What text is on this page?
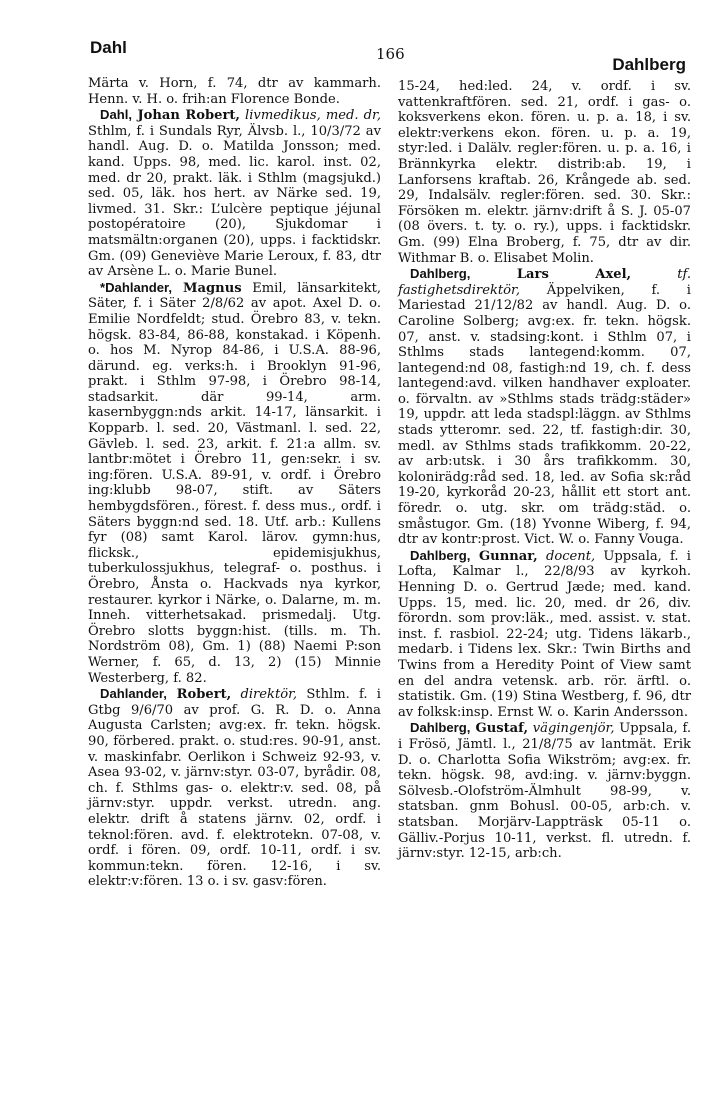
Dahl	166
Dahlberg

Märta v. Horn, f. 74, dtr av kammarh. Henn. v. H. o. frih:an Florence Bonde.

Dahl, Johan Robert, livmedikus, med. dr, Sthlm, f. i Sundals Ryr, Älvsb. l., 10/3/72 av handl. Aug. D. o. Matilda Jonsson; med. kand. Upps. 98, med. lic. karol. inst. 02, med. dr 20, prakt. läk. i Sthlm (magsjukd.) sed. 05, läk. hos hert. av Närke sed. 19, livmed. 31. Skr.: L’ulcère peptique jéjunal postopératoire (20), Sjukdomar i matsmältn:organen (20), upps. i facktidskr. Gm. (09) Geneviève Marie Leroux, f. 83, dtr av Arsène L. o. Marie Bunel.

*Dahlander, Magnus Emil, länsarkitekt, Säter, f. i Säter 2/8/62 av apot. Axel D. o. Emilie Nordfeldt; stud. Örebro 83, v. tekn. högsk. 83-84, 86-88, konstakad. i Köpenh. o. hos M. Nyrop 84-86, i U.S.A. 88-96, därund. eg. verks:h. i Brooklyn 91-96, prakt. i Sthlm 97-98, i Örebro 98-14, stadsarkit. där 99-14, arm. kasernbyggn:nds arkit. 14-17, länsarkit. i Kopparb. l. sed. 20, Västmanl. l. sed. 22, Gävleb. l. sed. 23, arkit. f. 21:a allm. sv. lantbr:mötet i Örebro 11, gen:sekr. i sv. ing:fören. U.S.A. 89-91, v. ordf. i Örebro ing:klubb 98-07, stift. av Säters hembygdsfören., förest. f. dess mus., ordf. i Säters byggn:nd sed. 18. Utf. arb.: Kullens fyr (08) samt Karol. lärov. gymn:hus, flicksk., epidemisjukhus, tuberkulossjukhus, telegraf- o. posthus. i Örebro, Ånsta o. Hackvads nya kyrkor, restaurer. kyrkor i Närke, o. Dalarne, m. m. Inneh. vitterhetsakad. prismedalj. Utg. Örebro slotts byggn:hist. (tills. m. Th. Nordström 08), Gm. 1) (88) Naemi P:son Werner, f. 65, d. 13, 2) (15) Minnie Westerberg, f. 82.

Dahlander, Robert, direktör, Sthlm. f. i Gtbg 9/6/70 av prof. G. R. D. o. Anna Augusta Carlsten; avg:ex. fr. tekn. högsk. 90, förbered. prakt. o. stud:res. 90-91, anst. v. maskinfabr. Oerlikon i Schweiz 92-93, v. Asea 93-02, v. järnv:styr. 03-07, byrådir. 08, ch. f. Sthlms gas- o. elektr:v. sed. 08, på järnv:styr. uppdr. verkst. utredn. ang. elektr. drift å statens järnv. 02, ordf. i teknol:fören. avd. f. elektrotekn. 07-08, v. ordf. i fören. 09, ordf. 10-11, ordf. i sv. kommun:tekn. fören. 12-16, i sv. elektr:v:fören. 13 o. i sv. gasv:fören.

15-24, hed:led. 24, v. ordf. i sv. vattenkraftfören. sed. 21, ordf. i gas- o. koksverkens ekon. fören. u. p. a. 18, i sv. elektr:verkens ekon. fören. u. p. a. 19, styr:led. i Dalälv. regler:fören. u. p. a. 16, i Brännkyrka elektr. distrib:ab. 19, i Lanforsens kraftab. 26, Krångede ab. sed. 29, Indalsälv. regler:fören. sed. 30. Skr.: Försöken m. elektr. järnv:drift å S. J. 05-07 (08 övers. t. ty. o. ry.), upps. i facktidskr. Gm. (99) Elna Broberg, f. 75, dtr av dir. Withmar B. o. Elisabet Molin.

Dahlberg, Lars Axel, tf. fastighetsdirektör, Äppelviken, f. i Mariestad 21/12/82 av handl. Aug. D. o. Caroline Solberg; avg:ex. fr. tekn. högsk. 07, anst. v. stadsing:kont. i Sthlm 07, i Sthlms stads lantegend:komm. 07, lantegend:nd 08, fastigh:nd 19, ch. f. dess lantegend:avd. vilken handhaver exploater. o. förvaltn. av »Sthlms stads trädg:städer» 19, uppdr. att leda stadspl:läggn. av Sthlms stads ytteromr. sed. 22, tf. fastigh:dir. 30, medl. av Sthlms stads trafikkomm. 20-22, av arb:utsk. i 30 års trafikkomm. 30, kolonirädg:råd sed. 18, led. av Sofia sk:råd 19-20, kyrkoråd 20-23, hållit ett stort ant. föredr. o. utg. skr. om trädg:städ. o. småstugor. Gm. (18) Yvonne Wiberg, f. 94, dtr av kontr:prost. Vict. W. o. Fanny Vouga.

Dahlberg, Gunnar, docent, Uppsala, f. i Lofta, Kalmar l., 22/8/93 av kyrkoh. Henning D. o. Gertrud Jæde; med. kand. Upps. 15, med. lic. 20, med. dr 26, div. förordn. som prov:läk., med. assist. v. stat. inst. f. rasbiol. 22-24; utg. Tidens läkarb., medarb. i Tidens lex. Skr.: Twin Births and Twins from a Heredity Point of View samt en del andra vetensk. arb. rör. ärftl. o. statistik. Gm. (19) Stina Westberg, f. 96, dtr av folksk:insp. Ernst W. o. Karin Andersson.

Dahlberg, Gustaf, vägingenjör, Uppsala, f. i Frösö, Jämtl. l., 21/8/75 av lantmät. Erik D. o. Charlotta Sofia Wikström; avg:ex. fr. tekn. högsk. 98, avd:ing. v. järnv:byggn. Sölvesb.-Olofström-Älmhult 98-99, v. statsban. gnm Bohusl. 00-05, arb:ch. v. statsban. Morjärv-Lappträsk 05-11 o. Gälliv.-Porjus 10-11, verkst. fl. utredn. f. järnv:styr. 12-15, arb:ch.
